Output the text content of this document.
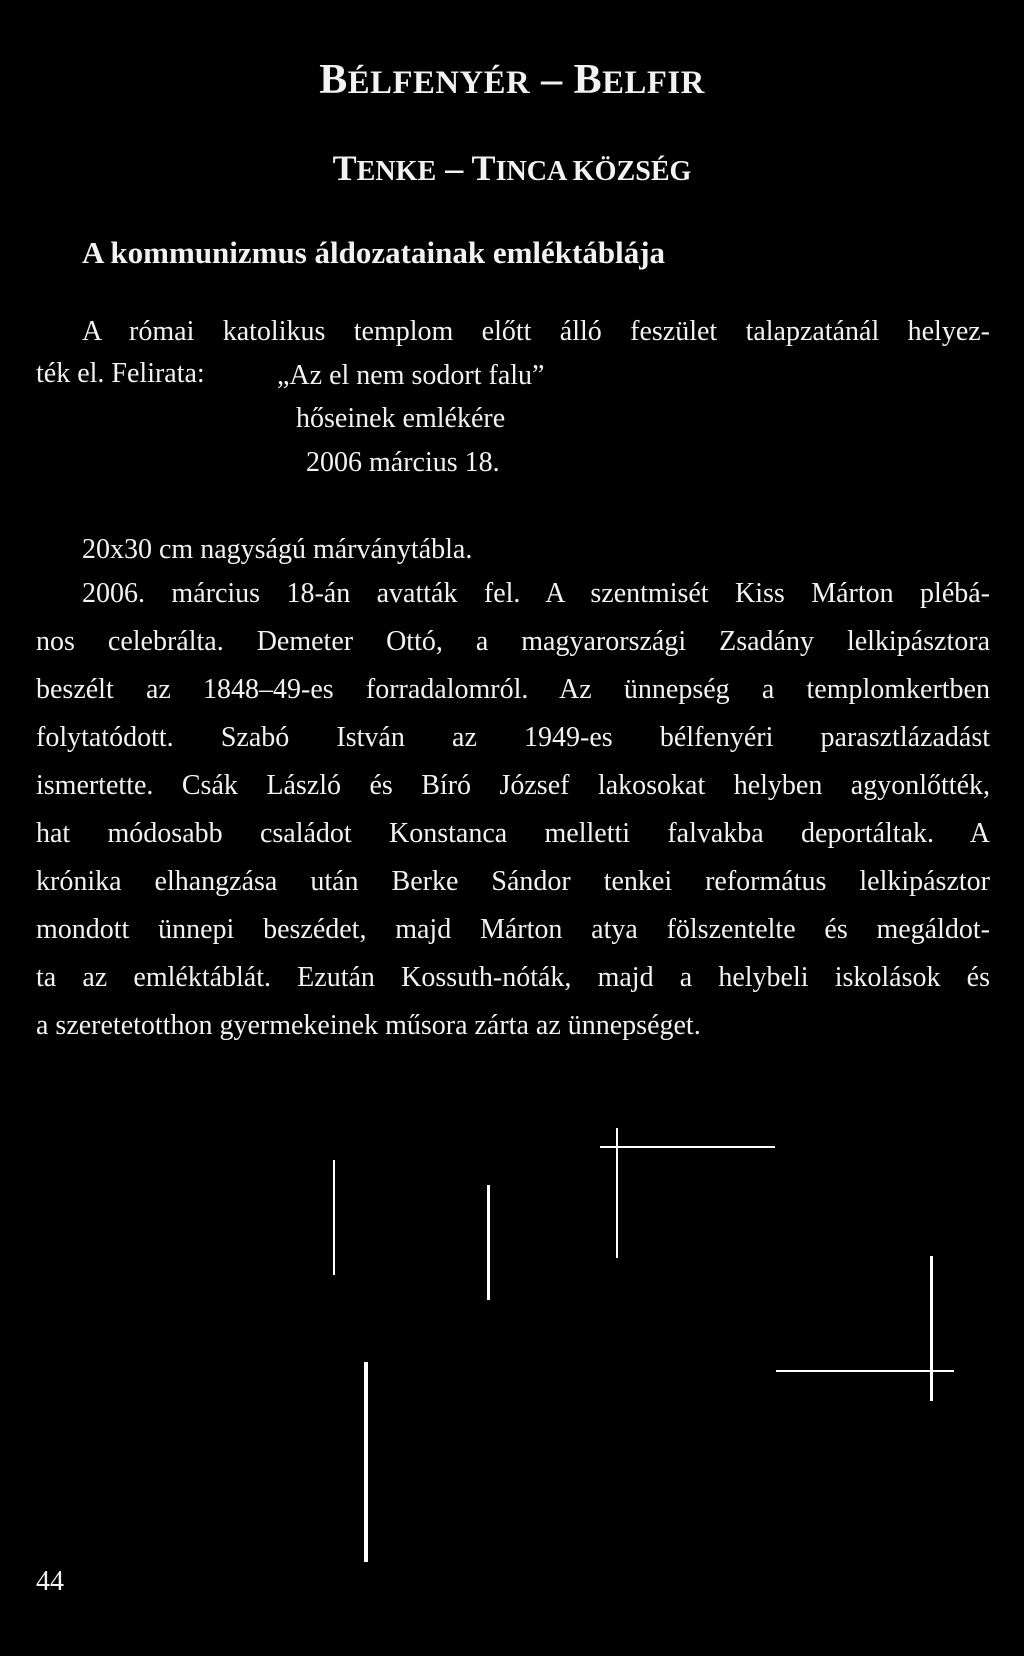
BÉLFENYÉR – BELFIR
TENKE – TINCA KÖZSÉG
A kommunizmus áldozatainak emléktáblája

A római katolikus templom előtt álló feszület talapzatánál helyez-

ték el. Felirata:	„Az el nem sodort falu”

hőseinek emlékére

2006 március 18.

20x30 cm nagyságú márványtábla.

2006. március 18-án avatták fel. A szentmisét Kiss Márton plébá-

nos celebrálta. Demeter Ottó, a magyarországi Zsadány lelkipásztora

beszélt az 1848–49-es forradalomról. Az ünnepség a templomkertben

folytatódott. Szabó István az 1949-es bélfenyéri parasztlázadást

ismertette. Csák László és Bíró József lakosokat helyben agyonlőtték,

hat módosabb családot Konstanca melletti falvakba deportáltak. A

krónika elhangzása után Berke Sándor tenkei református lelkipásztor

mondott ünnepi beszédet, majd Márton atya fölszentelte és megáldot-

ta az emléktáblát. Ezután Kossuth-nóták, majd a helybeli iskolások és

a szeretetotthon gyermekeinek műsora zárta az ünnepséget.

44
